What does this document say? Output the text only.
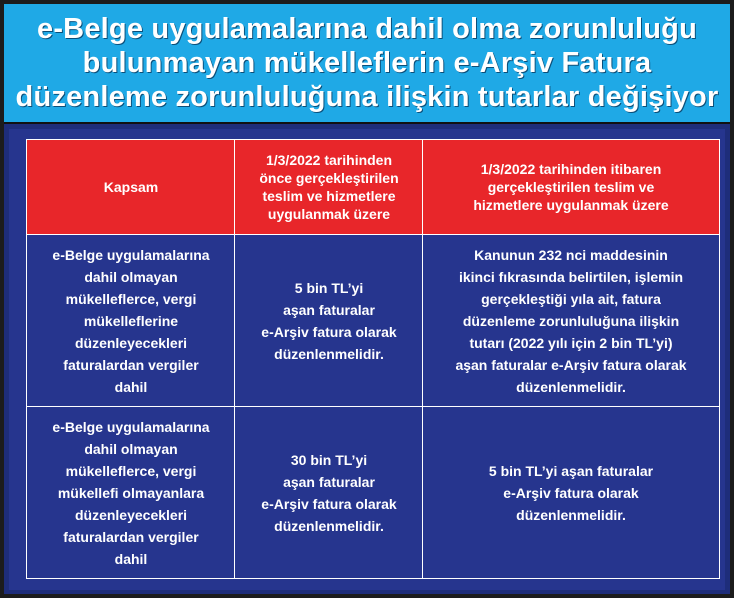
e-Belge uygulamalarına dahil olma zorunluluğu
bulunmayan mükelleflerin e-Arşiv Fatura
düzenleme zorunluluğuna ilişkin tutarlar değişiyor
Kapsam
1/3/2022 tarihinden
önce gerçekleştirilen
teslim ve hizmetlere
uygulanmak üzere
1/3/2022 tarihinden itibaren
gerçekleştirilen teslim ve
hizmetlere uygulanmak üzere
e-Belge uygulamalarına
dahil olmayan
mükelleflerce, vergi
mükelleflerine
düzenleyecekleri
faturalardan vergiler
dahil
5 bin TL’yi
aşan faturalar
e-Arşiv fatura olarak
düzenlenmelidir.
Kanunun 232 nci maddesinin
ikinci fıkrasında belirtilen, işlemin
gerçekleştiği yıla ait, fatura
düzenleme zorunluluğuna ilişkin
tutarı (2022 yılı için 2 bin TL’yi)
aşan faturalar e-Arşiv fatura olarak
düzenlenmelidir.
e-Belge uygulamalarına
dahil olmayan
mükelleflerce, vergi
mükellefi olmayanlara
düzenleyecekleri
faturalardan vergiler
dahil
30 bin TL’yi
aşan faturalar
e-Arşiv fatura olarak
düzenlenmelidir.
5 bin TL’yi aşan faturalar
e-Arşiv fatura olarak
düzenlenmelidir.
